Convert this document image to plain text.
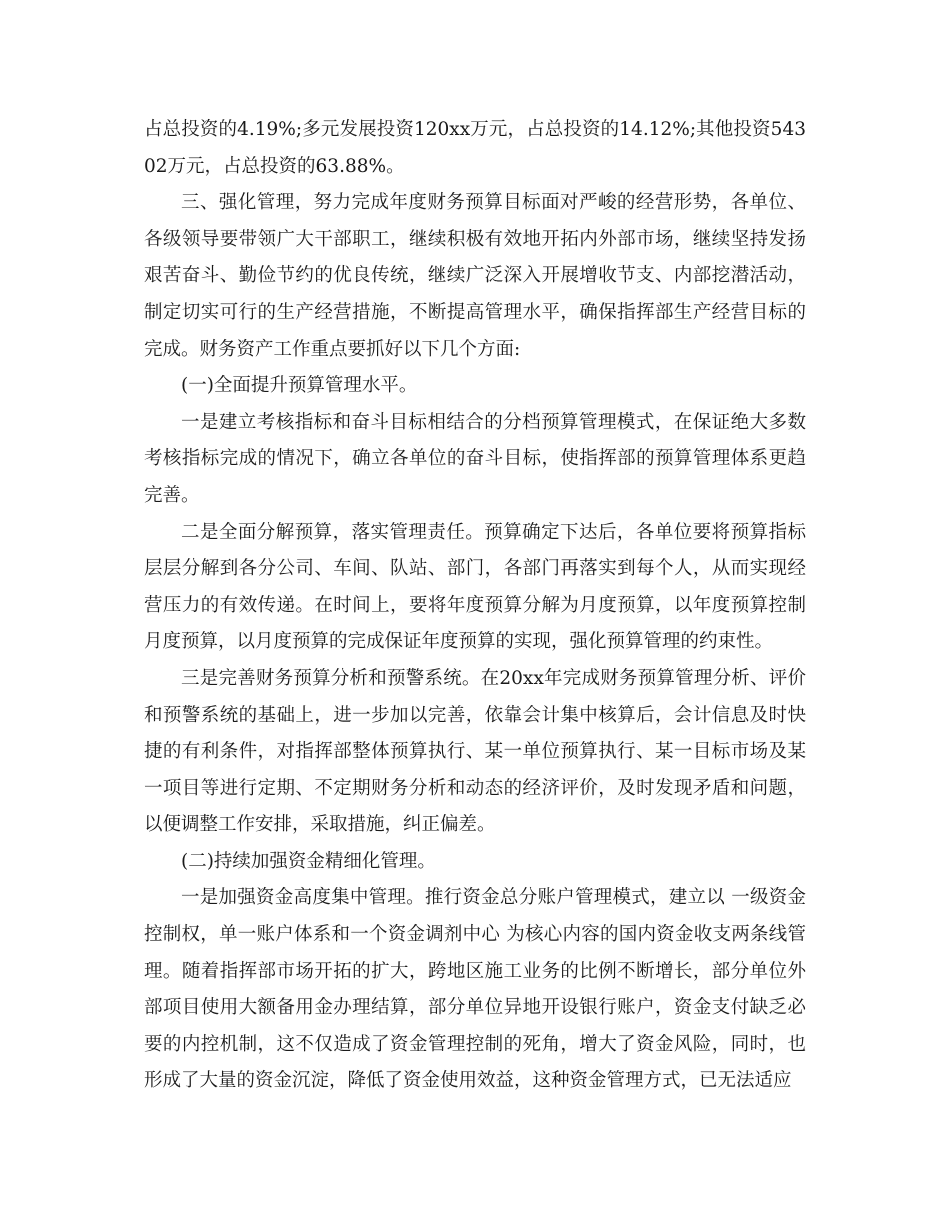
占总投资的4.19%;多元发展投资120xx万元，占总投资的14.12%;其他投资54302万元，占总投资的63.88%。

三、强化管理，努力完成年度财务预算目标面对严峻的经营形势，各单位、各级领导要带领广大干部职工，继续积极有效地开拓内外部市场，继续坚持发扬艰苦奋斗、勤俭节约的优良传统，继续广泛深入开展增收节支、内部挖潜活动，制定切实可行的生产经营措施，不断提高管理水平，确保指挥部生产经营目标的完成。财务资产工作重点要抓好以下几个方面:

(一)全面提升预算管理水平。

一是建立考核指标和奋斗目标相结合的分档预算管理模式，在保证绝大多数考核指标完成的情况下，确立各单位的奋斗目标，使指挥部的预算管理体系更趋完善。

二是全面分解预算，落实管理责任。预算确定下达后，各单位要将预算指标层层分解到各分公司、车间、队站、部门，各部门再落实到每个人，从而实现经营压力的有效传递。在时间上，要将年度预算分解为月度预算，以年度预算控制月度预算，以月度预算的完成保证年度预算的实现，强化预算管理的约束性。

三是完善财务预算分析和预警系统。在20xx年完成财务预算管理分析、评价和预警系统的基础上，进一步加以完善，依靠会计集中核算后，会计信息及时快捷的有利条件，对指挥部整体预算执行、某一单位预算执行、某一目标市场及某一项目等进行定期、不定期财务分析和动态的经济评价，及时发现矛盾和问题，以便调整工作安排，采取措施，纠正偏差。

(二)持续加强资金精细化管理。

一是加强资金高度集中管理。推行资金总分账户管理模式，建立以 一级资金控制权，单一账户体系和一个资金调剂中心 为核心内容的国内资金收支两条线管理。随着指挥部市场开拓的扩大，跨地区施工业务的比例不断增长，部分单位外部项目使用大额备用金办理结算，部分单位异地开设银行账户，资金支付缺乏必要的内控机制，这不仅造成了资金管理控制的死角，增大了资金风险，同时，也形成了大量的资金沉淀，降低了资金使用效益，这种资金管理方式，已无法适应
